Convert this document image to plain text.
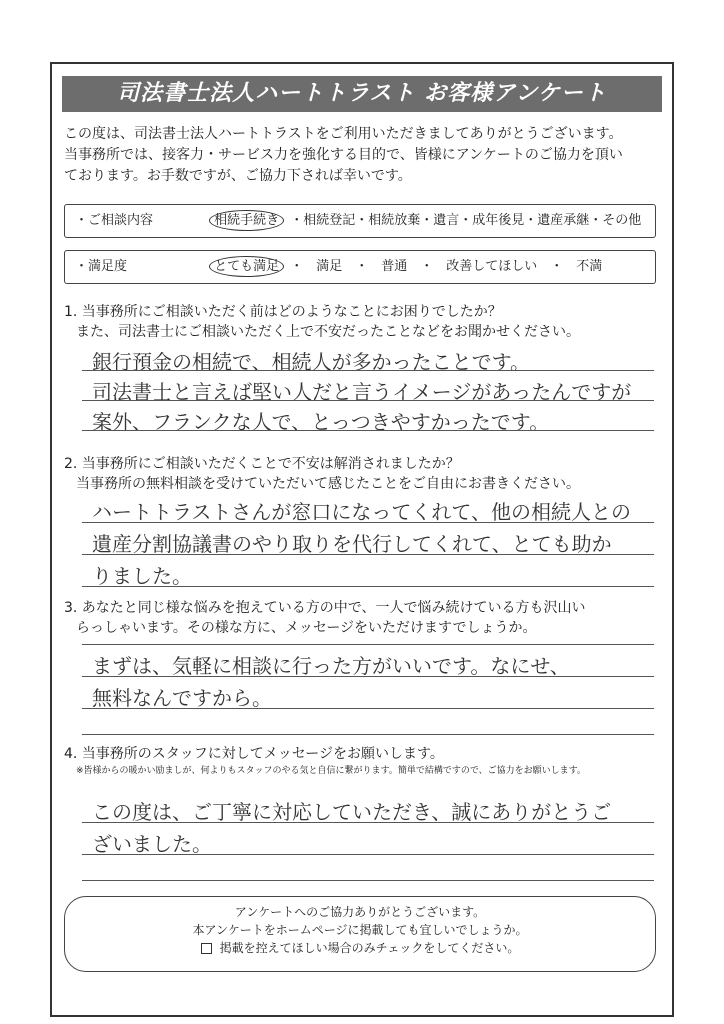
司法書士法人ハートトラスト お客様アンケート
この度は、司法書士法人ハートトラストをご利用いただきましてありがとうございます。
当事務所では、接客力・サービス力を強化する目的で、皆様にアンケートのご協力を頂い
ております。お手数ですが、ご協力下されば幸いです。
・ご相談内容	相続手続き ・相続登記・相続放棄・遺言・成年後見・遺産承継・その他
・満足度	とても満足 ・　満足　・　普通　・　改善してほしい　・　不満
1. 当事務所にご相談いただく前はどのようなことにお困りでしたか？
また、司法書士にご相談いただく上で不安だったことなどをお聞かせください。
銀行預金の相続で、相続人が多かったことです。
司法書士と言えば堅い人だと言うイメージがあったんですが
案外、フランクな人で、とっつきやすかったです。
2. 当事務所にご相談いただくことで不安は解消されましたか？
当事務所の無料相談を受けていただいて感じたことをご自由にお書きください。
ハートトラストさんが窓口になってくれて、他の相続人との
遺産分割協議書のやり取りを代行してくれて、とても助か
りました。
3. あなたと同じ様な悩みを抱えている方の中で、一人で悩み続けている方も沢山い
らっしゃいます。その様な方に、メッセージをいただけますでしょうか。
まずは、気軽に相談に行った方がいいです。なにせ、
無料なんですから。
4. 当事務所のスタッフに対してメッセージをお願いします。
※皆様からの暖かい励ましが、何よりもスタッフのやる気と自信に繋がります。簡単で結構ですので、ご協力をお願いします。
この度は、ご丁寧に対応していただき、誠にありがとうご
ざいました。
アンケートへのご協力ありがとうございます。
本アンケートをホームページに掲載しても宜しいでしょうか。
掲載を控えてほしい場合のみチェックをしてください。
